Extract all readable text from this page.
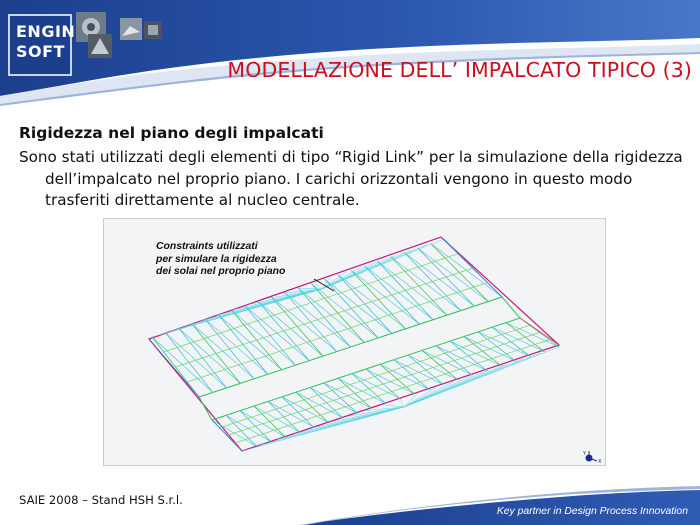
ENGIN
SOFT
MODELLAZIONE DELL’ IMPALCATO TIPICO (3)
Rigidezza nel piano degli impalcati
Sono stati utilizzati degli elementi di tipo “Rigid Link” per la simulazione della rigidezza dell’impalcato nel proprio piano. I carichi orizzontali vengono in questo modo trasferiti direttamente al nucleo centrale.
Constraints utilizzati
per simulare la rigidezza
dei solai nel proprio piano
Y
X
SAIE 2008 – Stand HSH S.r.l.
Key partner in Design Process Innovation
